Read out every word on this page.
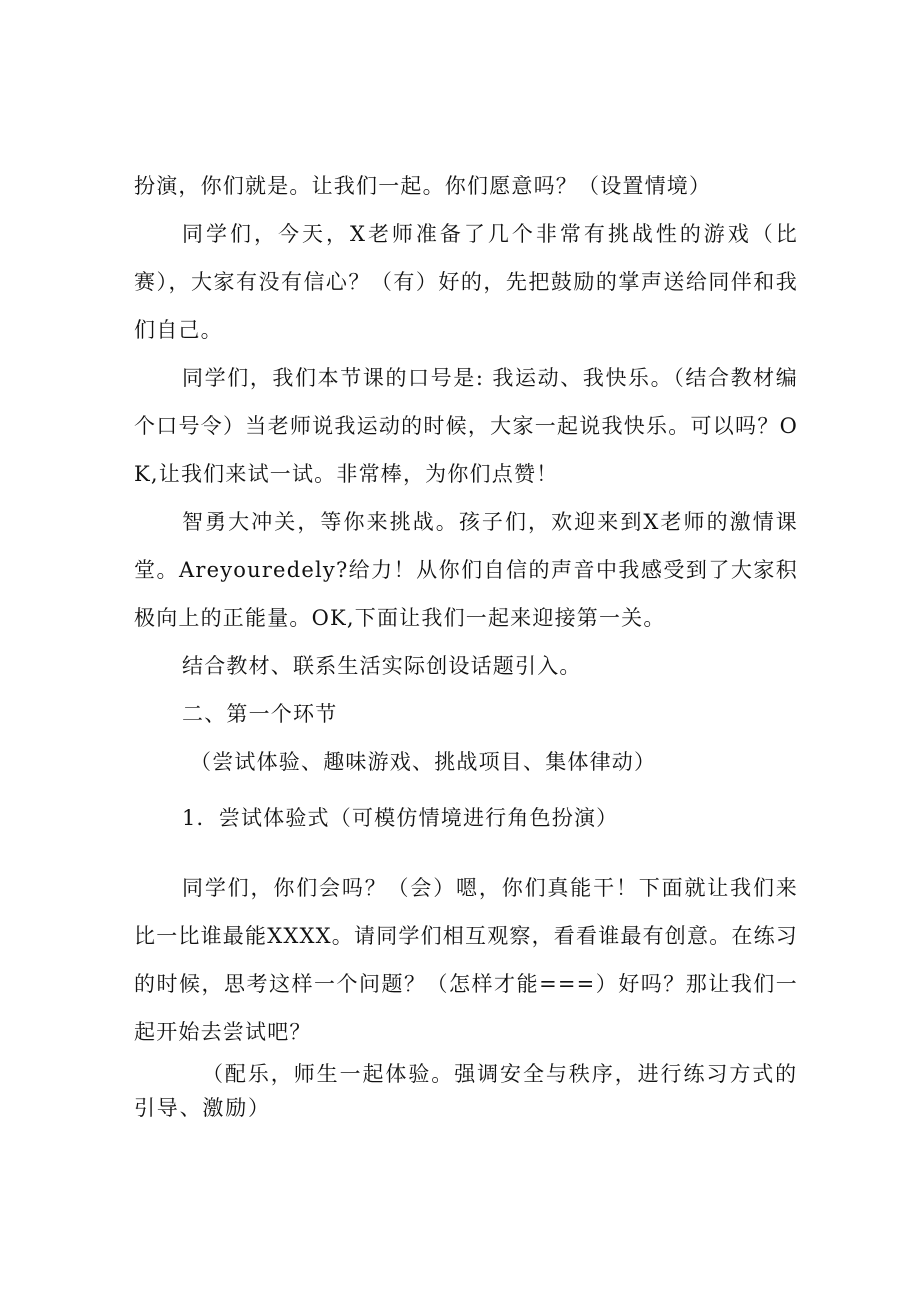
扮演，你们就是。让我们一起。你们愿意吗？（设置情境）

同学们，今天，X老师准备了几个非常有挑战性的游戏（比赛），大家有没有信心？（有）好的，先把鼓励的掌声送给同伴和我们自己。

同学们，我们本节课的口号是: 我运动、我快乐。（结合教材编个口号令）当老师说我运动的时候，大家一起说我快乐。可以吗？OK,让我们来试一试。非常棒，为你们点赞！

智勇大冲关，等你来挑战。孩子们，欢迎来到X老师的激情课堂。Areyouredely?给力！从你们自信的声音中我感受到了大家积极向上的正能量。OK,下面让我们一起来迎接第一关。

结合教材、联系生活实际创设话题引入。

二、第一个环节

（尝试体验、趣味游戏、挑战项目、集体律动）

1．尝试体验式（可模仿情境进行角色扮演）

同学们，你们会吗？（会）嗯，你们真能干！下面就让我们来比一比谁最能XXXX。请同学们相互观察，看看谁最有创意。在练习的时候，思考这样一个问题？（怎样才能===）好吗？那让我们一起开始去尝试吧？

（配乐，师生一起体验。强调安全与秩序，进行练习方式的引导、激励）
